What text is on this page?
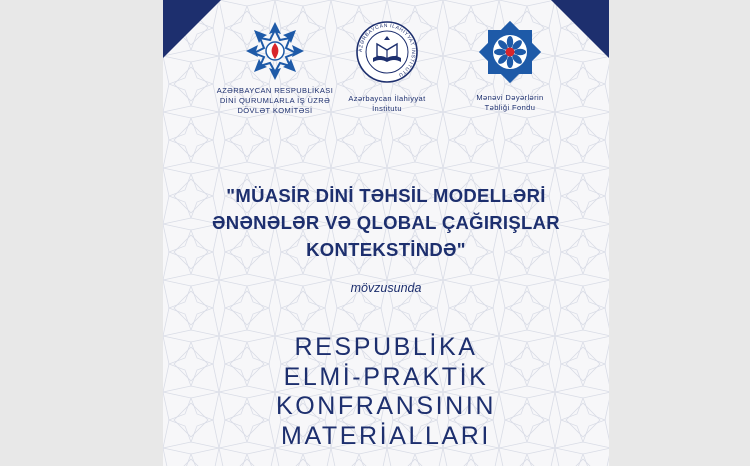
AZƏRBAYCAN RESPUBLİKASI
DİNİ QURUMLARLA İŞ ÜZRƏ
DÖVLƏT KOMİTƏSİ
AZƏRBAYCAN İLAHİYYAT İNSTİTUTU
Azərbaycan İlahiyyat
İnstitutu
Mənəvi Dəyərlərin
Təbliği Fondu
"MÜASİR DİNİ TƏHSİL MODELLƏRİ
ƏNƏNƏLƏR VƏ QLOBAL ÇAĞIRIŞLAR
KONTEKSTİNDƏ"
mövzusunda
RESPUBLİKA
ELMİ-PRAKTİK
KONFRANSININ
MATERİALLARI
